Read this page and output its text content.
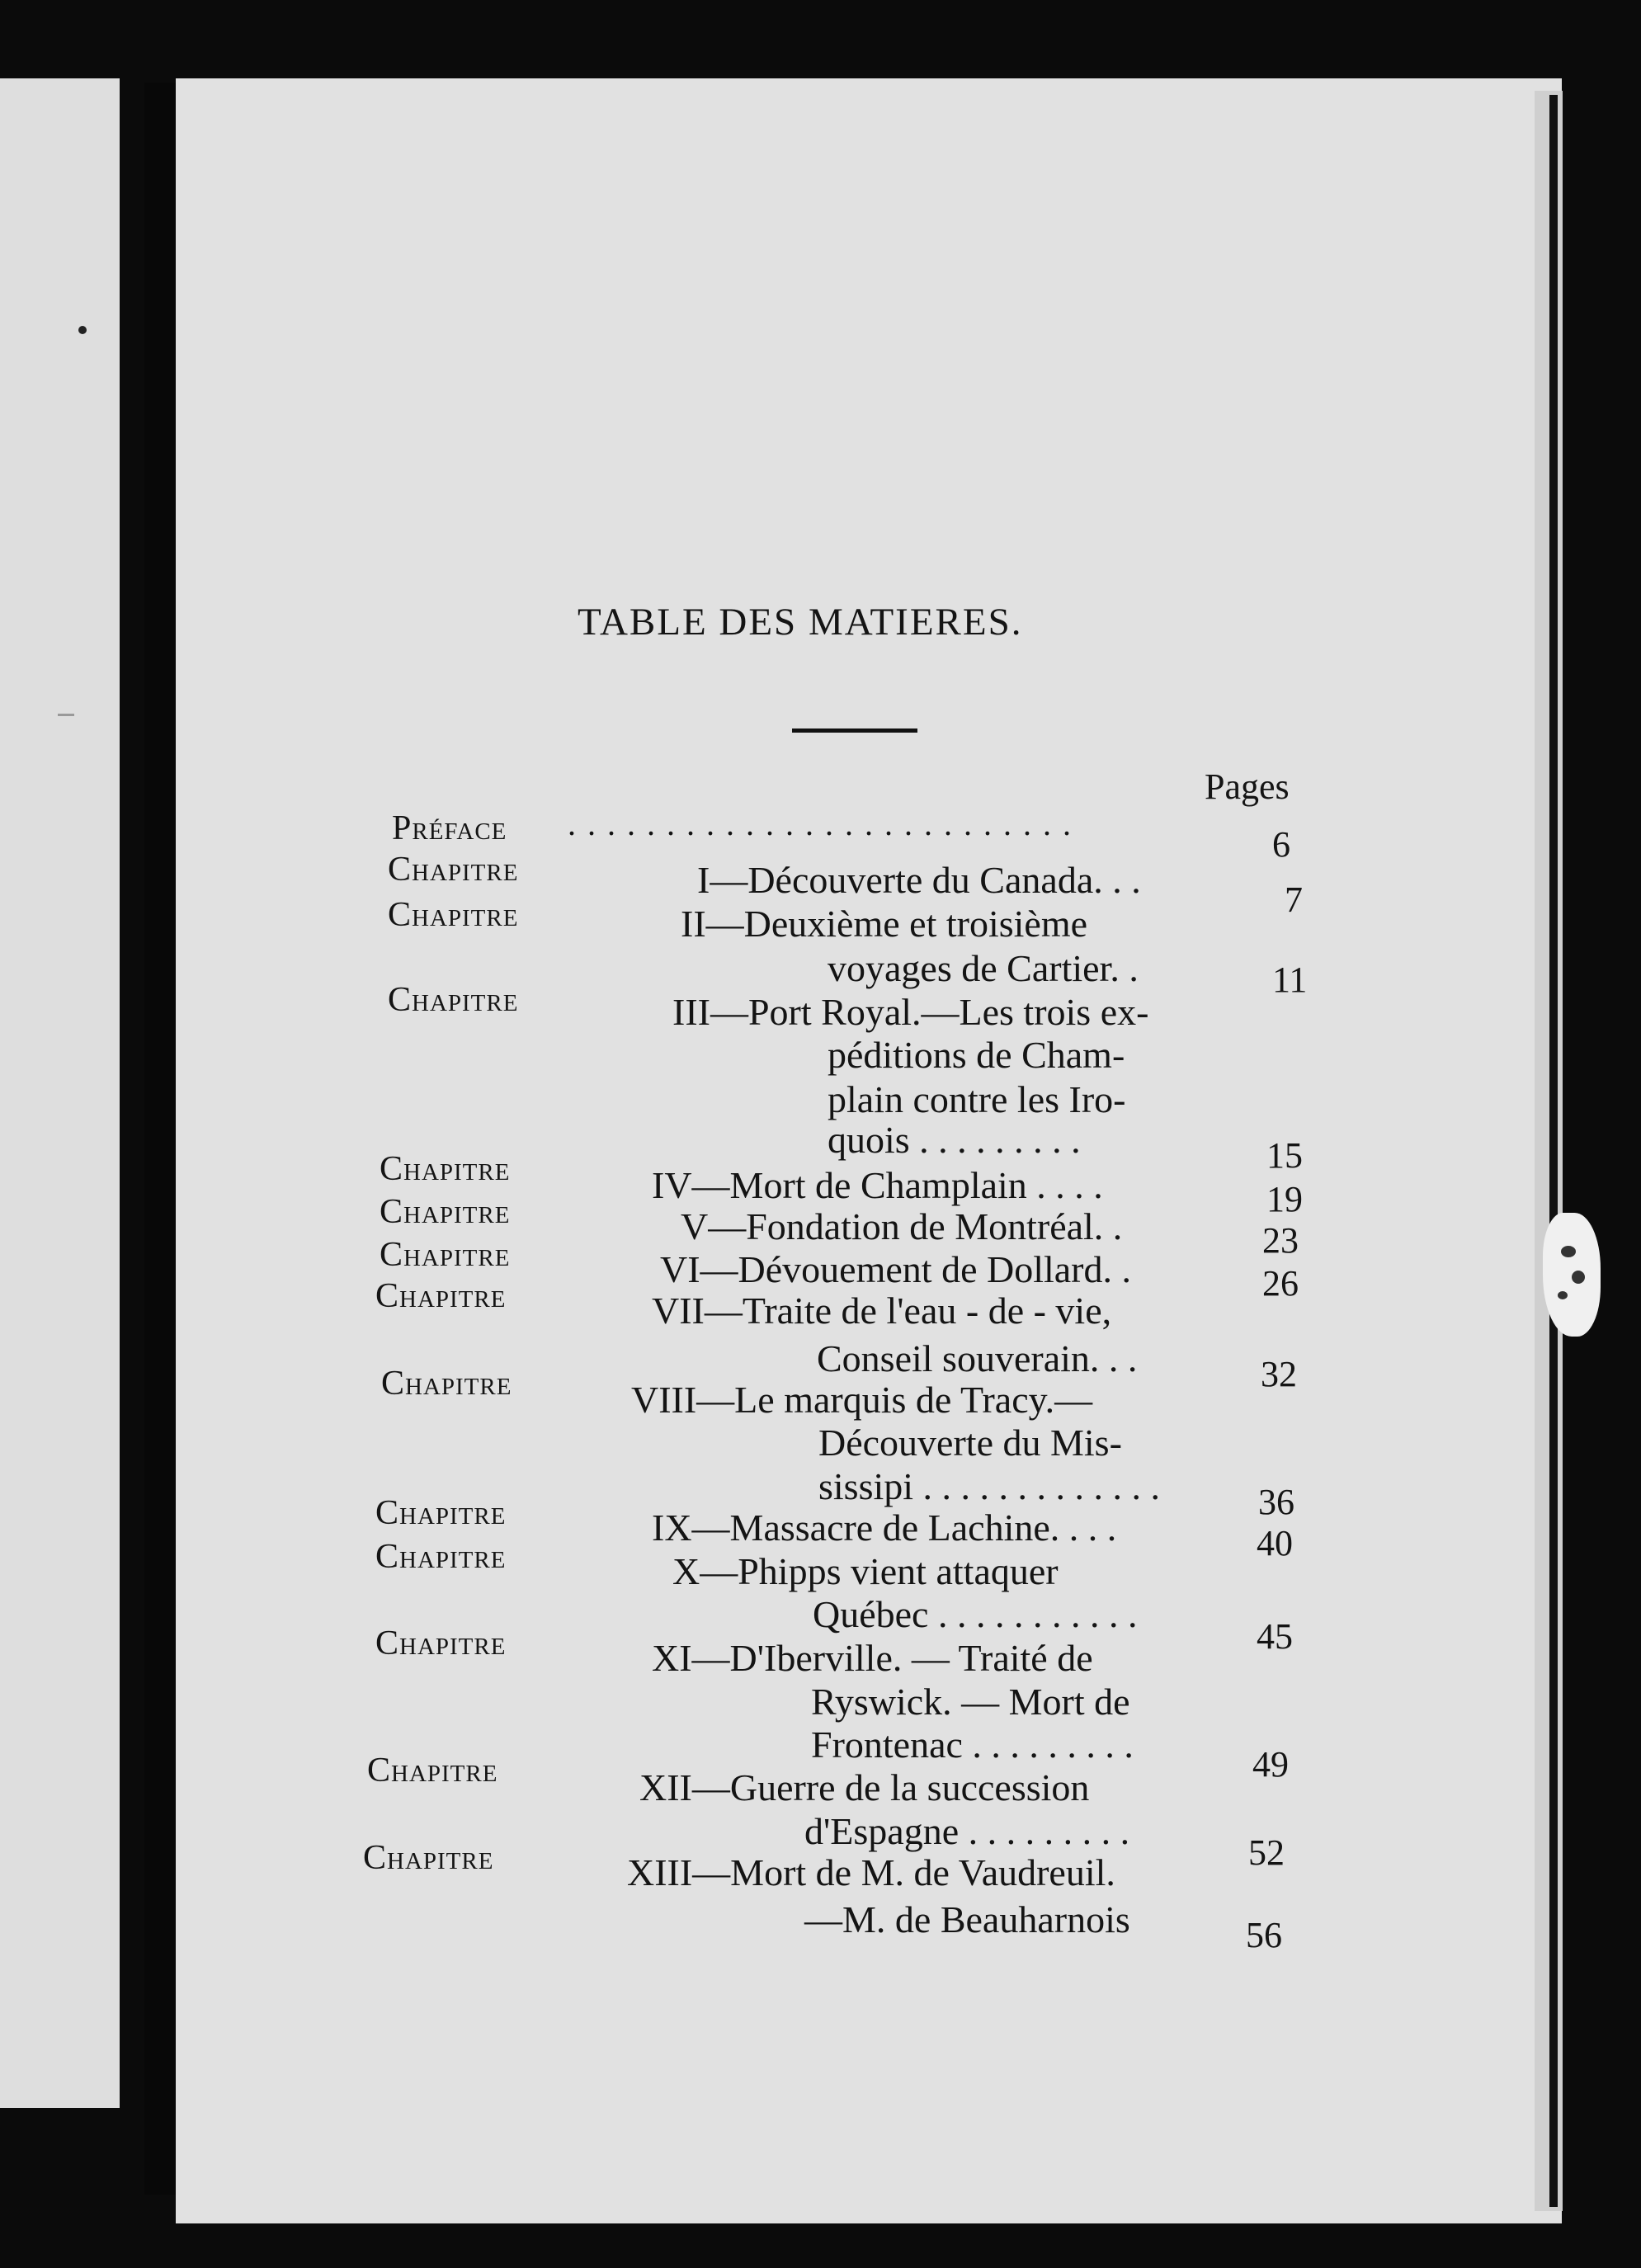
TABLE DES MATIERES.
Pages
Préface . . . . . . . . . . . . . . . . . . . . . . . . . .
6
Chapitre
Chapitre
Chapitre
Chapitre
Chapitre
Chapitre
Chapitre
Chapitre
Chapitre
Chapitre
Chapitre
Chapitre
Chapitre
I—Découverte du Canada. . .
II—Deuxième et troisième
voyages de Cartier. .
III—Port Royal.—Les trois ex-
péditions de Cham-
plain contre les Iro-
quois . . . . . . . . .
IV—Mort de Champlain . . . .
V—Fondation de Montréal. .
VI—Dévouement de Dollard. .
VII—Traite de l'eau - de - vie,
Conseil souverain. . .
VIII—Le marquis de Tracy.—
Découverte du Mis-
sissipi . . . . . . . . . . . . .
IX—Massacre de Lachine. . . .
X—Phipps vient attaquer
Québec . . . . . . . . . . .
XI—D'Iberville. — Traité de
Ryswick. — Mort de
Frontenac . . . . . . . . .
XII—Guerre de la succession
d'Espagne . . . . . . . . .
XIII—Mort de M. de Vaudreuil.
—M. de Beauharnois
7
11
15
19
23
26
32
36
40
45
49
52
56
